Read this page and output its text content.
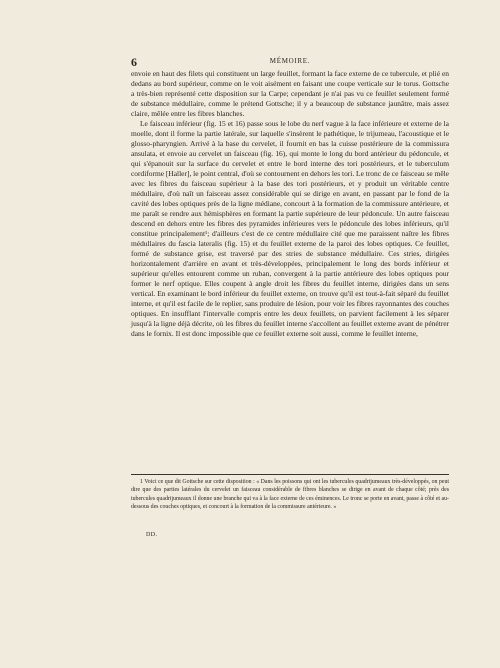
6	MÉMOIRE.

envoie en haut des filets qui constituent un large feuillet, formant la face externe de ce tubercule, et plié en dedans au bord supérieur, comme on le voit aisément en faisant une coupe verticale sur le torus. Gottsche a très-bien représenté cette disposition sur la Carpe; cependant je n'ai pas vu ce feuillet seulement formé de substance médullaire, comme le prétend Gottsche; il y a beaucoup de substance jaunâtre, mais assez claire, mêlée entre les fibres blanches.

Le faisceau inférieur (fig. 15 et 16) passe sous le lobe du nerf vague à la face inférieure et externe de la moelle, dont il forme la partie latérale, sur laquelle s'insèrent le pathétique, le trijumeau, l'acoustique et le glosso-pharyngien. Arrivé à la base du cervelet, il fournit en bas la cuisse postérieure de la commissura ansulata, et envoie au cervelet un faisceau (fig. 16), qui monte le long du bord antérieur du pédoncule, et qui s'épanouit sur la surface du cervelet et entre le bord interne des tori postérieurs, et le tuberculum cordiforme [Haller], le point central, d'où se contournent en dehors les tori. Le tronc de ce faisceau se mêle avec les fibres du faisceau supérieur à la base des tori postérieurs, et y produit un véritable centre médullaire, d'où naît un faisceau assez considérable qui se dirige en avant, en passant par le fond de la cavité des lobes optiques près de la ligne médiane, concourt à la formation de la commissure antérieure, et me paraît se rendre aux hémisphères en formant la partie supérieure de leur pédoncule. Un autre faisceau descend en dehors entre les fibres des pyramides inférieures vers le pédoncule des lobes inférieurs, qu'il constitue principalement¹; d'ailleurs c'est de ce centre médullaire cité que me paraissent naître les fibres médullaires du fascia lateralis (fig. 15) et du feuillet externe de la paroi des lobes optiques. Ce feuillet, formé de substance grise, est traversé par des stries de substance médullaire. Ces stries, dirigées horizontalement d'arrière en avant et très-développées, principalement le long des bords inférieur et supérieur qu'elles entourent comme un ruban, convergent à la partie antérieure des lobes optiques pour former le nerf optique. Elles coupent à angle droit les fibres du feuillet interne, dirigées dans un sens vertical. En examinant le bord inférieur du feuillet externe, on trouve qu'il est tout-à-fait séparé du feuillet interne, et qu'il est facile de le replier, sans produire de lésion, pour voir les fibres rayonnantes des couches optiques. En insufflant l'intervalle compris entre les deux feuillets, on parvient facilement à les séparer jusqu'à la ligne déjà décrite, où les fibres du feuillet interne s'accollent au feuillet externe avant de pénétrer dans le fornix. Il est donc impossible que ce feuillet externe soit aussi, comme le feuillet interne,

1 Voici ce que dit Gottsche sur cette disposition : « Dans les poissons qui ont les tubercules quadrijumeaux très-développés, on peut dire que des parties latérales du cervelet un faisceau considérable de fibres blanches se dirige en avant de chaque côté; près des tubercules quadrijumeaux il donne une branche qui va à la face externe de ces éminences. Le tronc se porte en avant, passe à côté et au-dessous des couches optiques, et concourt à la formation de la commissure antérieure. »

DD.
